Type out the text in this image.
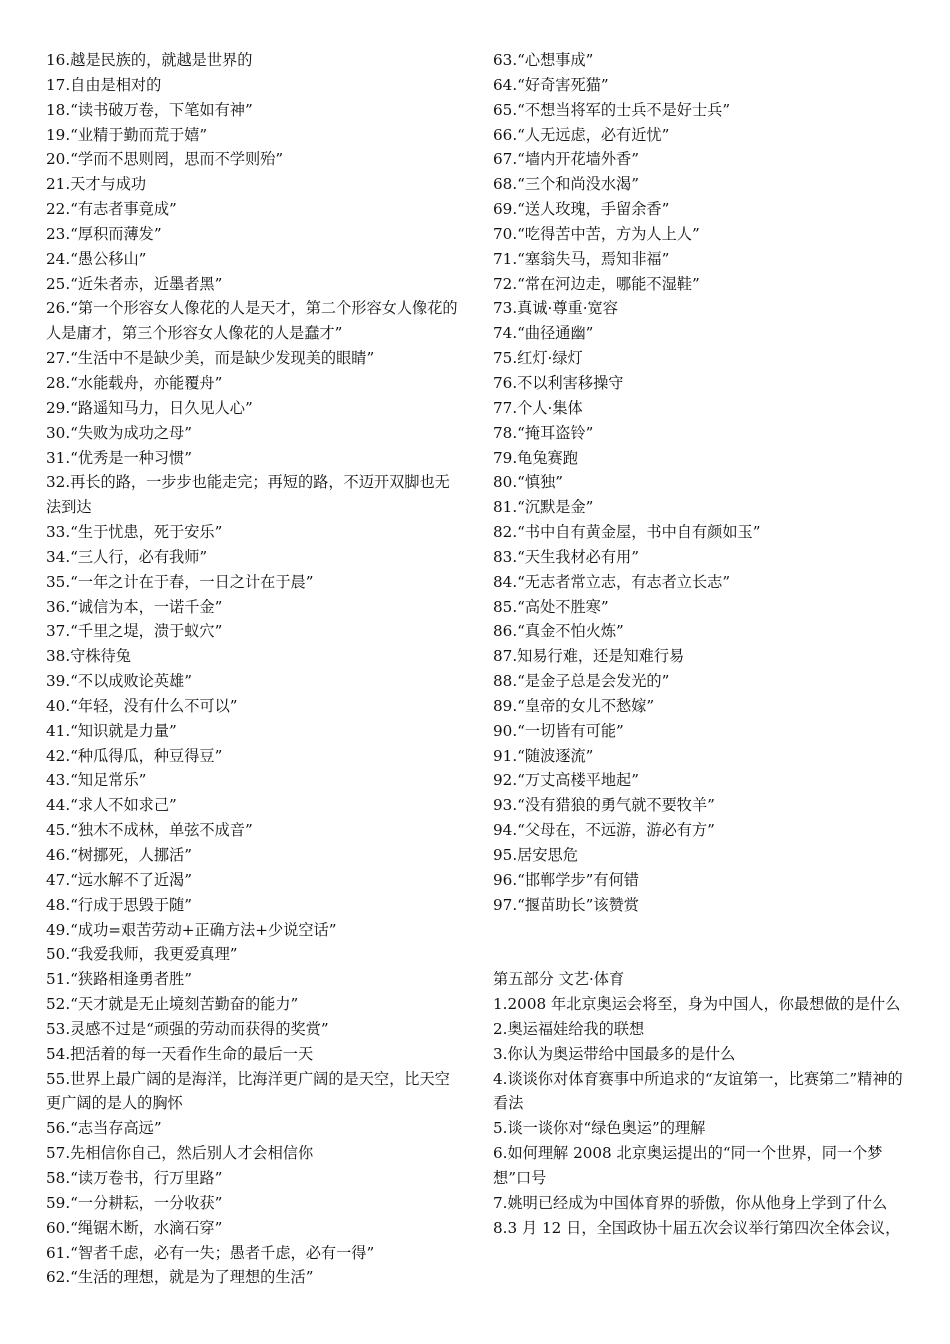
16.越是民族的，就越是世界的
17.自由是相对的
18.“读书破万卷，下笔如有神”
19.“业精于勤而荒于嬉”
20.“学而不思则罔，思而不学则殆”
21.天才与成功
22.“有志者事竟成”
23.“厚积而薄发”
24.“愚公移山”
25.“近朱者赤，近墨者黑”
26.“第一个形容女人像花的人是天才，第二个形容女人像花的人是庸才，第三个形容女人像花的人是蠢才”
27.“生活中不是缺少美，而是缺少发现美的眼睛”
28.“水能载舟，亦能覆舟”
29.“路遥知马力，日久见人心”
30.“失败为成功之母”
31.“优秀是一种习惯”
32.再长的路，一步步也能走完；再短的路，不迈开双脚也无法到达
33.“生于忧患，死于安乐”
34.“三人行，必有我师”
35.“一年之计在于春，一日之计在于晨”
36.“诚信为本，一诺千金”
37.“千里之堤，溃于蚁穴”
38.守株待兔
39.“不以成败论英雄”
40.“年轻，没有什么不可以”
41.“知识就是力量”
42.“种瓜得瓜，种豆得豆”
43.“知足常乐”
44.“求人不如求己”
45.“独木不成林，单弦不成音”
46.“树挪死，人挪活”
47.“远水解不了近渴”
48.“行成于思毁于随”
49.“成功=艰苦劳动+正确方法+少说空话”
50.“我爱我师，我更爱真理”
51.“狭路相逢勇者胜”
52.“天才就是无止境刻苦勤奋的能力”
53.灵感不过是“顽强的劳动而获得的奖赏”
54.把活着的每一天看作生命的最后一天
55.世界上最广阔的是海洋，比海洋更广阔的是天空，比天空更广阔的是人的胸怀
56.“志当存高远”
57.先相信你自己，然后别人才会相信你
58.“读万卷书，行万里路”
59.“一分耕耘，一分收获”
60.“绳锯木断，水滴石穿”
61.“智者千虑，必有一失；愚者千虑，必有一得”
62.“生活的理想，就是为了理想的生活”
63.“心想事成”
64.“好奇害死猫”
65.“不想当将军的士兵不是好士兵”
66.“人无远虑，必有近忧”
67.“墙内开花墙外香”
68.“三个和尚没水渴”
69.“送人玫瑰，手留余香”
70.“吃得苦中苦，方为人上人”
71.“塞翁失马，焉知非福”
72.“常在河边走，哪能不湿鞋”
73.真诚·尊重·宽容
74.“曲径通幽”
75.红灯·绿灯
76.不以利害移操守
77.个人·集体
78.“掩耳盗铃”
79.龟兔赛跑
80.“慎独”
81.“沉默是金”
82.“书中自有黄金屋，书中自有颜如玉”
83.“天生我材必有用”
84.“无志者常立志，有志者立长志”
85.“高处不胜寒”
86.“真金不怕火炼”
87.知易行难，还是知难行易
88.“是金子总是会发光的”
89.“皇帝的女儿不愁嫁”
90.“一切皆有可能”
91.“随波逐流”
92.“万丈高楼平地起”
93.“没有猎狼的勇气就不要牧羊”
94.“父母在，不远游，游必有方”
95.居安思危
96.“邯郸学步”有何错
97.“揠苗助长”该赞赏
第五部分 文艺·体育
1.2008 年北京奥运会将至，身为中国人，你最想做的是什么
2.奥运福娃给我的联想
3.你认为奥运带给中国最多的是什么
4.谈谈你对体育赛事中所追求的“友谊第一，比赛第二”精神的看法
5.谈一谈你对“绿色奥运”的理解
6.如何理解 2008 北京奥运提出的“同一个世界，同一个梦想”口号
7.姚明已经成为中国体育界的骄傲，你从他身上学到了什么
8.3 月 12 日，全国政协十届五次会议举行第四次全体会议，
